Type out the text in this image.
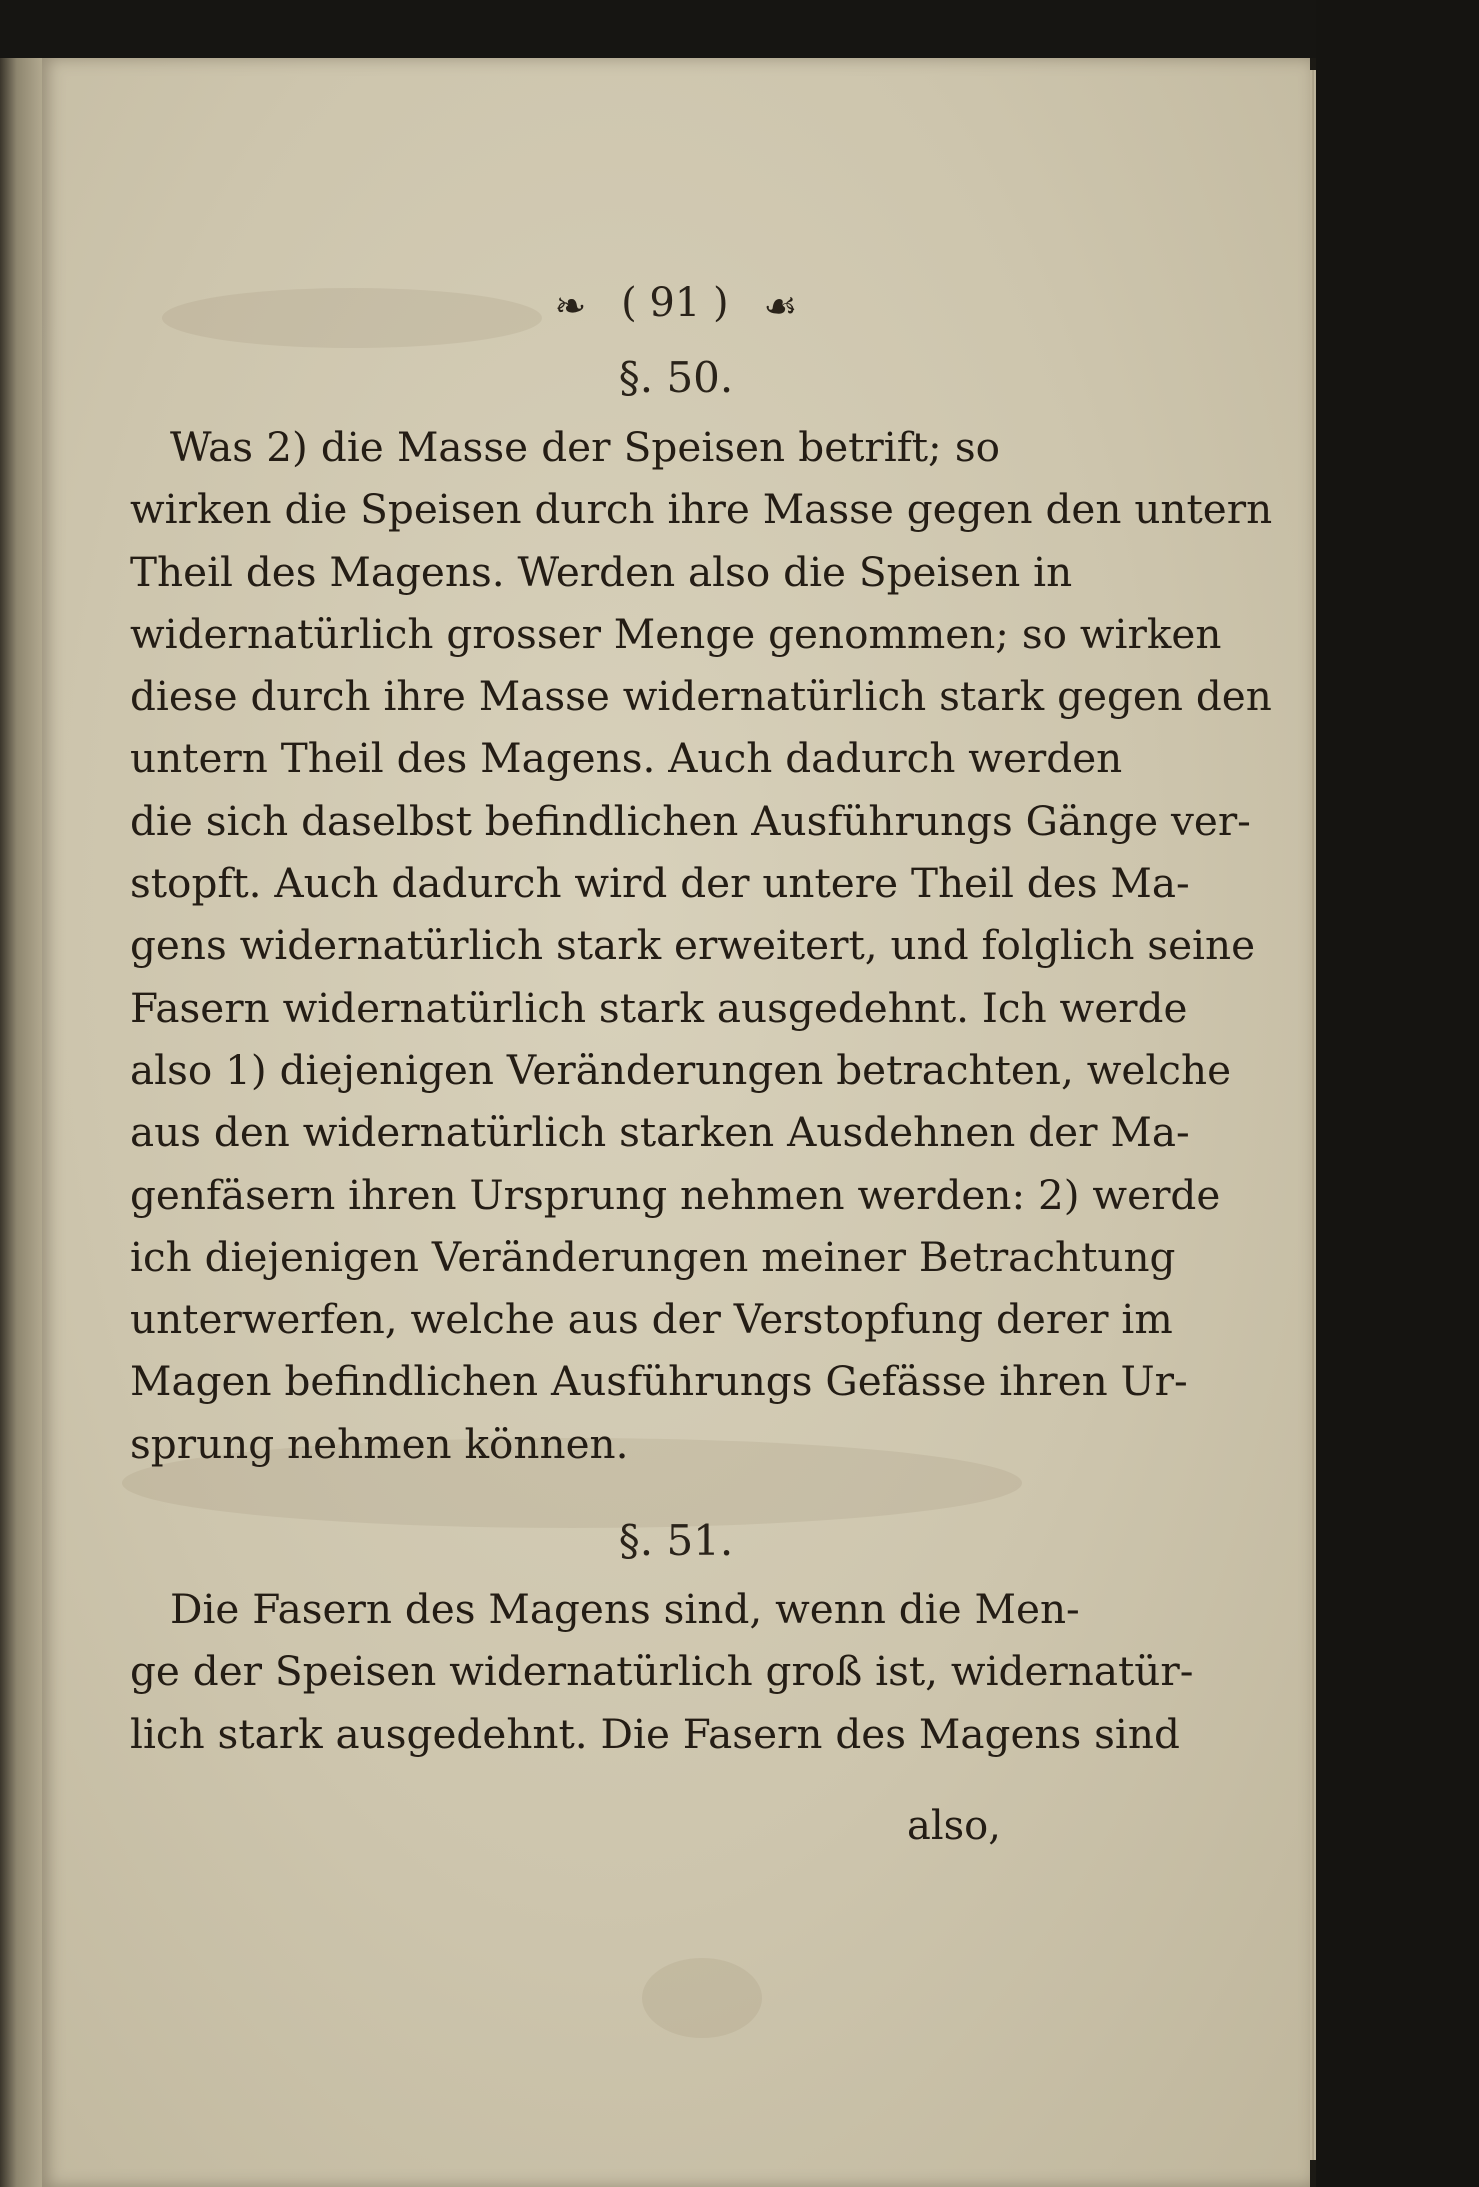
❧ ( 91 ) ☙
§. 50.
Was 2) die Masse der Speisen betrift; so
wirken die Speisen durch ihre Masse gegen den untern
Theil des Magens. Werden also die Speisen in
widernatürlich grosser Menge genommen; so wirken
diese durch ihre Masse widernatürlich stark gegen den
untern Theil des Magens. Auch dadurch werden
die sich daselbst befindlichen Ausführungs Gänge ver-
stopft. Auch dadurch wird der untere Theil des Ma-
gens widernatürlich stark erweitert, und folglich seine
Fasern widernatürlich stark ausgedehnt. Ich werde
also 1) diejenigen Veränderungen betrachten, welche
aus den widernatürlich starken Ausdehnen der Ma-
genfäsern ihren Ursprung nehmen werden: 2) werde
ich diejenigen Veränderungen meiner Betrachtung
unterwerfen, welche aus der Verstopfung derer im
Magen befindlichen Ausführungs Gefässe ihren Ur-
sprung nehmen können.
§. 51.
Die Fasern des Magens sind, wenn die Men-
ge der Speisen widernatürlich groß ist, widernatür-
lich stark ausgedehnt. Die Fasern des Magens sind
also,
